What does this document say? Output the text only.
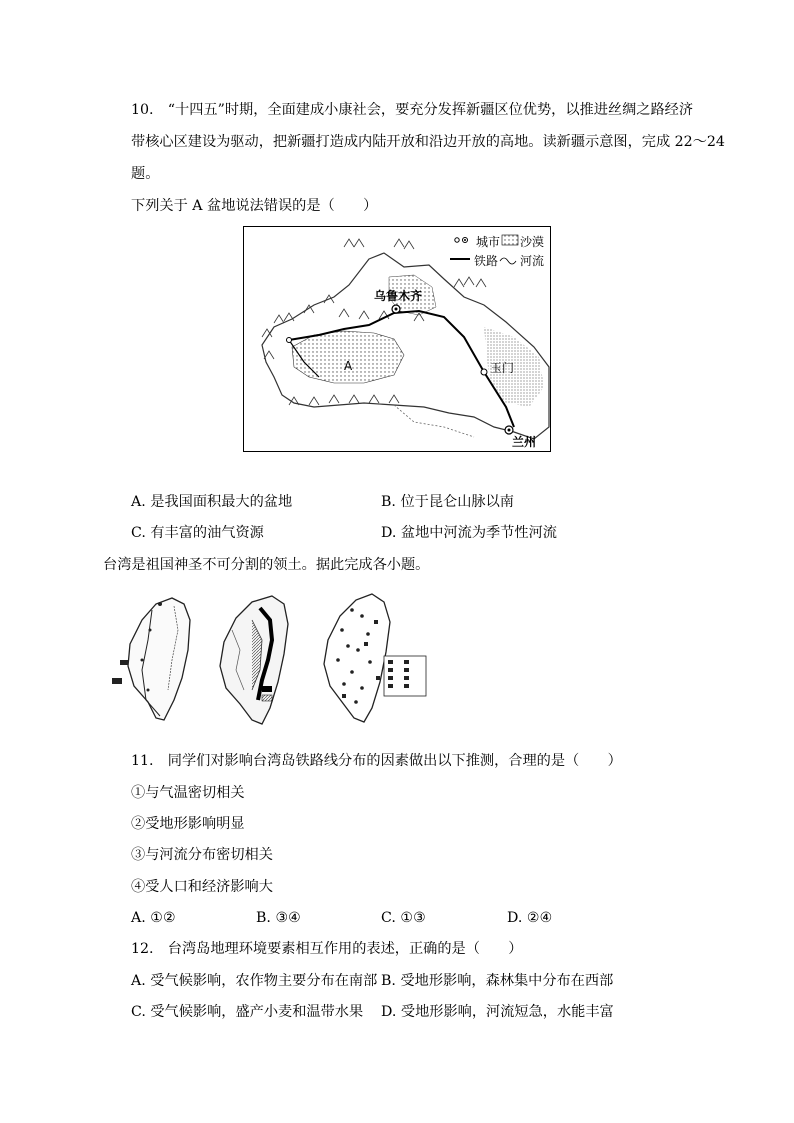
10.　“十四五”时期，全面建成小康社会，要充分发挥新疆区位优势，以推进丝绸之路经济
带核心区建设为驱动，把新疆打造成内陆开放和沿边开放的高地。读新疆示意图，完成 22～24
题。
下列关于 A 盆地说法错误的是（　　）
城市 沙漠
铁路 河流
乌鲁木齐
A	玉门
兰州
A. 是我国面积最大的盆地	B. 位于昆仑山脉以南
C. 有丰富的油气资源	D. 盆地中河流为季节性河流
台湾是祖国神圣不可分割的领土。据此完成各小题。
11.　同学们对影响台湾岛铁路线分布的因素做出以下推测，合理的是（　　）
①与气温密切相关
②受地形影响明显
③与河流分布密切相关
④受人口和经济影响大
A. ①②	B. ③④	C. ①③	D. ②④
12.　台湾岛地理环境要素相互作用的表述，正确的是（　　）
A. 受气候影响，农作物主要分布在南部 B. 受地形影响，森林集中分布在西部
C. 受气候影响，盛产小麦和温带水果 D. 受地形影响，河流短急，水能丰富
